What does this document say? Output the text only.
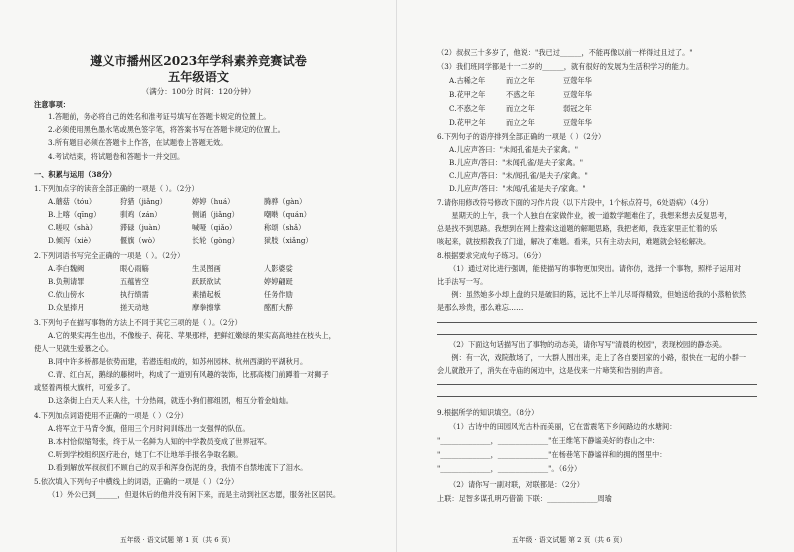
遵义市播州区2023年学科素养竞赛试卷
五年级语文
（满分：100分 时间：120分钟）
注意事项：
1.答题前，务必将自己的姓名和准考证号填写在答题卡规定的位置上。
2.必须使用黑色墨水笔或黑色签字笔，将答案书写在答题卡规定的位置上。
3.所有题目必须在答题卡上作答，在试题卷上答题无效。
4.考试结束，将试题卷和答题卡一并交回。
一、积累与运用（38分）
1.下列加点字的读音全部正确的一项是（ ）。（2分）
A.蘑菇（tóu）	狩猎（jiǎng）	婷婷（huá）	腾骅（gàn）
B.上喀（qīng）	驯鸡（zán）	侧诵（jiǎng）	嘲啭（quán）
C.嗟叹（shà）	滞碌（juàn）	喊哑（qiǎo）	称颂（shǎ）
D.倾泻（xiè）	偃旗（wò）	长轮（gòng）	狱肢（xiǎng）
2.下列词语书写完全正确的一项是（ ）。（2分）
A.李白魏阙	眼心雨觞	生灵图画	人影婆娑
B.负荆请罪	五蕴皆空	跃跃欲试	婷婷翩跹
C.依山傍水	执行绩需	素描起板	任务作励
D.众星捧月	搓天动地	摩拳擦掌	酩酊大醉
3.下列句子在描写事物的方法上不同于其它三项的是（ ）。（2分）
A.它的果实再生也出，不像梭子、荷花、苹果那样，把鲜红嫩绿的果实高高地挂在枝头上，
使人一见就生爱慕之心。
B.同中许多桥都是依势而建，若潜连组成的，如苏州园林、杭州西湖的平湖秋月。
C.青、红白瓦，鹅绿的藤树叶，构成了一道别有风趣的装饰，比那高楼门前蹲着一对狮子
或竖着两根大旗杆，可爱多了。
D.这条街上白天人来人往，十分热闹，就连小狗们都组团，相互分着金灿灿。
4.下列加点词语使用不正确的一项是（ ）（2分）
A.将军立于马背令旗，借用三个月时间训练出一支强悍的队伍。
B.本村恰似缩弩张，终于从一名鲜为人知的中学教员变成了世界冠军。
C.听到学校组织医疗赴台，她丁仁不让地举手报名争取名额。
D.看到解放军叔叔们不顾自己的双手和浑身伤泥的身，我情不自禁地流下了泪水。
5.依次填入下列句子中横线上的词语，正确的一项是（ ）（2分）
（1）外公已到______，但退休后的他并没有闲下来，而是主动到社区志愿，服务社区居民。
五年级 · 语文试题 第 1 页（共 6 页）
（2）叔叔三十多岁了，他说："我已过______，不能再像以前一样得过且过了。"
（3）我们班同学都是十一二岁的______，就有很好的发展为生活积学习的能力。
A.古稀之年	而立之年	豆蔻年华
B.花甲之年	不惑之年	豆蔻年华
C.不惑之年	而立之年	弱冠之年
D.花甲之年	而立之年	豆蔻年华
6.下列句子的语序排列全部正确的一项是（ ）（2分）
A.儿应声答曰："未闻孔雀是夫子家禽。"
B.儿应声/答曰："未闻孔雀/是夫子家禽。"
C.儿应声/答曰："未/闻孔雀/是夫子/家禽。"
D.儿应声/答曰："未闻/孔雀是夫子/家禽。"
7.请你用修改符号修改下面的习作片段（以下片段中，1个标点符号，6处语病）（4分）
　　星期天的上午，我一个人独自在家做作业，被一道数学题难住了，我想来想去反复思考，
总是找不到思路。我想到在网上搜索这道题的解题思路，我把老师，我连家里正忙着的乐
咳起来，就按照教我了门道，解决了难题。看来，只有主动去问，难题就会轻松解决。
8.根据要求完成句子练习。（6分）
（1）通过对比进行强调，能使描写的事物更加突出。请你仿，选择一个事物，照样子运用对
比手法写一写。
　　例：虽然她多小却上盘的只是破旧的陈，远比不上羊儿尽哥得精致，但她送给我的小蒸粕依然
是那么珍贵，那么难忘……
（2）下面这句话描写出了事物的动态美，请你写写"清晨的校园"，表现校园的静态美。
　　例：有一次，戏院散场了，一大群人围出来，走上了各自要回家的小路，很快在一起的小群一
会儿就散开了，消失在寺庙的闲边中，这是伐来一片啼笑和告别的声音。
9.根据所学的知识填空。（8分）
（1）古诗中的田园风光古朴而美丽，它在雷震笔下乡间路边的水塘间：
"______________，______________"在王维笔下静谧美好的春山之中：
"______________，______________"在杨巷笔下静谧祥和的拥的图里中：
"______________，______________"。（6分）
（2）请你写一副对联，对联都是：（2分）
上联：足智多谋孔明巧借箭 下联：______________周瑜
五年级 · 语文试题 第 2 页（共 6 页）
